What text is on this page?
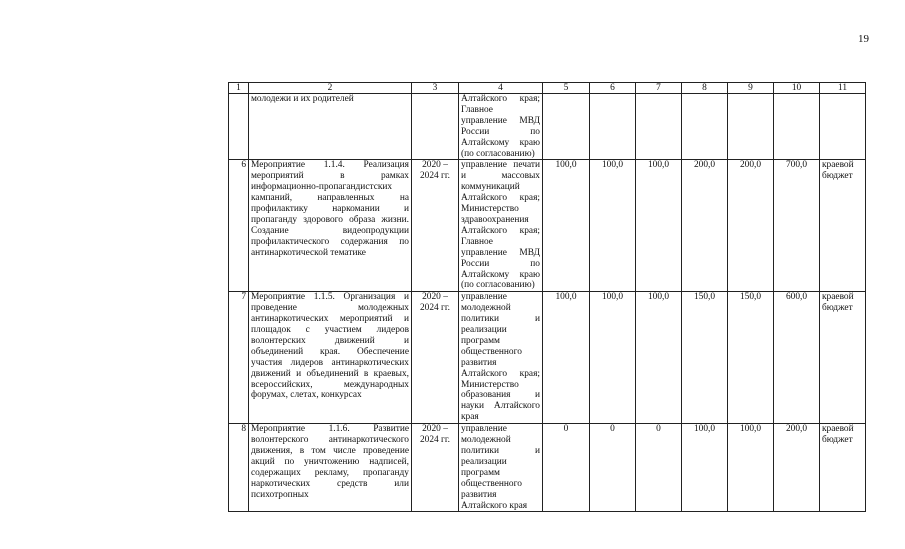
19
1	2	3	4	5	6	7	8	9	10	11
	молодежи и их родителей		Алтайского края; Главное управление МВД России по Алтайскому краю (по согласованию)							
6	Мероприятие 1.1.4. Реализация мероприятий в рамках информационно-пропагандистских кампаний, направленных на профилактику наркомании и пропаганду здорового образа жизни. Создание видеопродукции профилактического содержания по антинаркотической тематике	2020 – 2024 гг.	управление печати и массовых коммуникаций Алтайского края; Министерство здравоохранения Алтайского края; Главное управление МВД России по Алтайскому краю (по согласованию)	100,0	100,0	100,0	200,0	200,0	700,0	краевой бюджет
7	Мероприятие 1.1.5. Организация и проведение молодежных антинаркотических мероприятий и площадок с участием лидеров волонтерских движений и объединений края. Обеспечение участия лидеров антинаркотических движений и объединений в краевых, всероссийских, международных форумах, слетах, конкурсах	2020 – 2024 гг.	управление молодежной политики и реализации программ общественного развития Алтайского края; Министерство образования и науки Алтайского края	100,0	100,0	100,0	150,0	150,0	600,0	краевой бюджет
8	Мероприятие 1.1.6. Развитие волонтерского антинаркотического движения, в том числе проведение акций по уничтожению надписей, содержащих рекламу, пропаганду наркотических средств или психотропных	2020 – 2024 гг.	управление молодежной политики и реализации программ общественного развития Алтайского края	0	0	0	100,0	100,0	200,0	краевой бюджет
